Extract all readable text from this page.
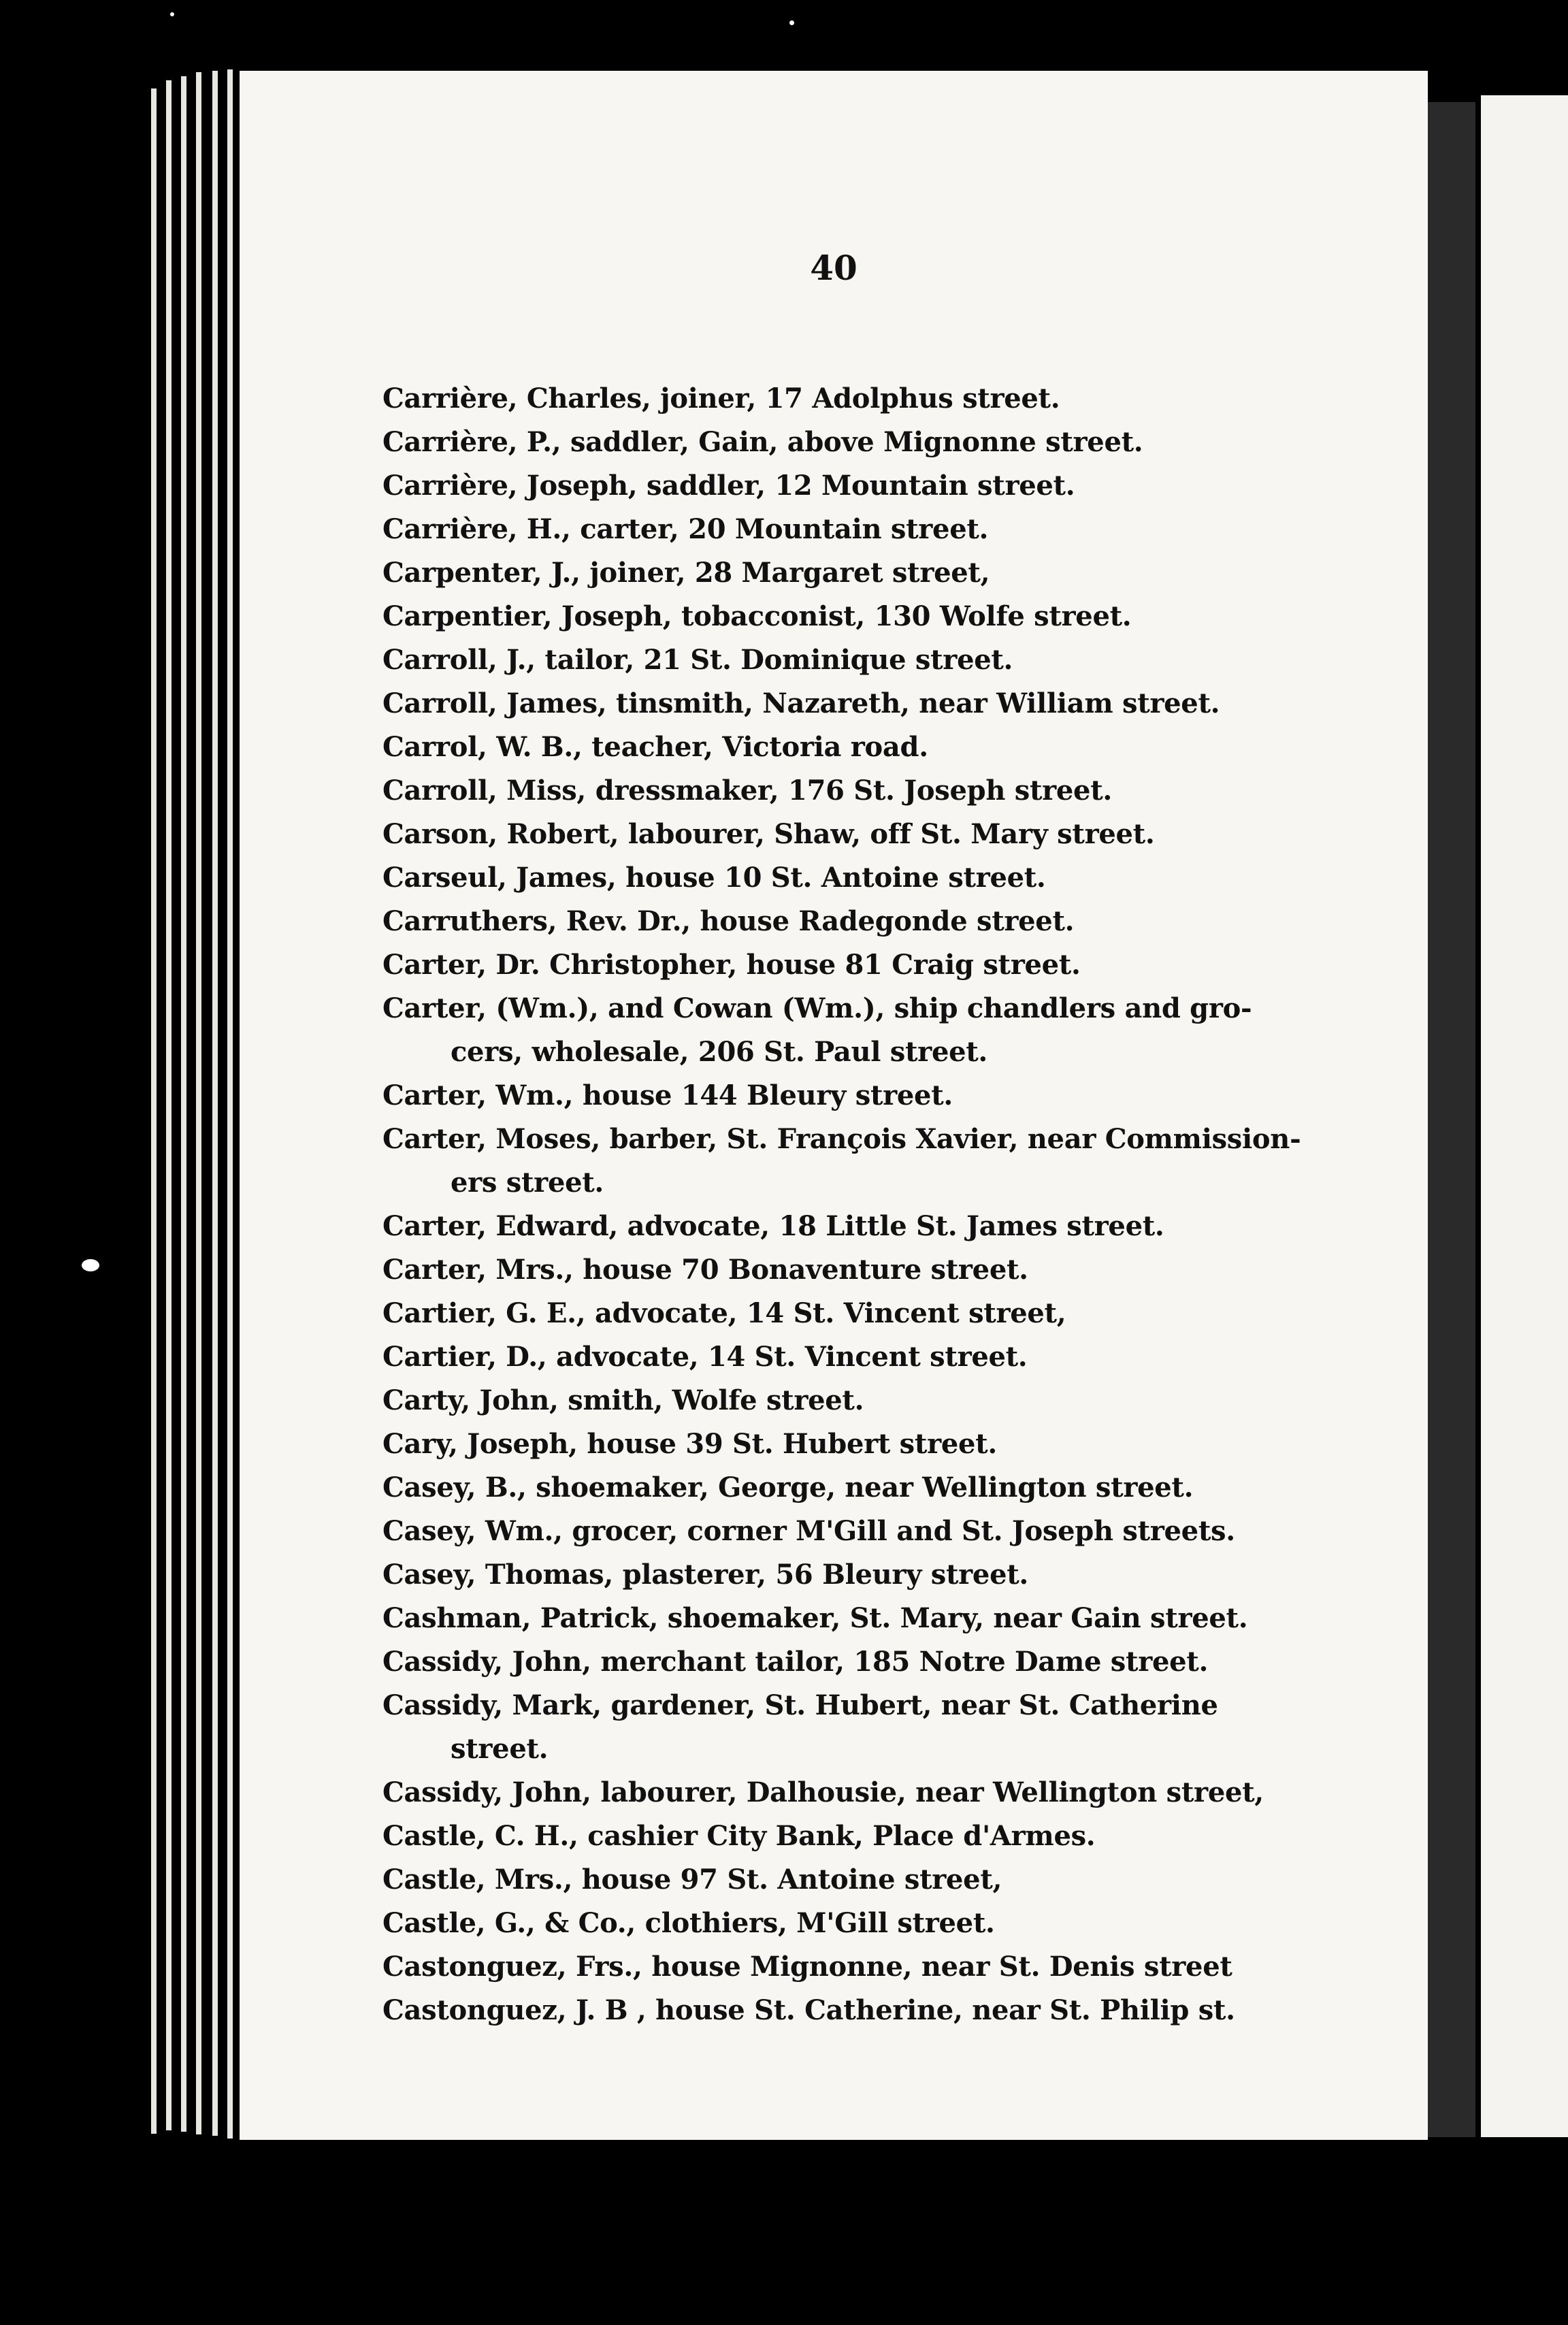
40
Carrière, Charles, joiner, 17 Adolphus street.
Carrière, P., saddler, Gain, above Mignonne street.
Carrière, Joseph, saddler, 12 Mountain street.
Carrière, H., carter, 20 Mountain street.
Carpenter, J., joiner, 28 Margaret street,
Carpentier, Joseph, tobacconist, 130 Wolfe street.
Carroll, J., tailor, 21 St. Dominique street.
Carroll, James, tinsmith, Nazareth, near William street.
Carrol, W. B., teacher, Victoria road.
Carroll, Miss, dressmaker, 176 St. Joseph street.
Carson, Robert, labourer, Shaw, off St. Mary street.
Carseul, James, house 10 St. Antoine street.
Carruthers, Rev. Dr., house Radegonde street.
Carter, Dr. Christopher, house 81 Craig street.
Carter, (Wm.), and Cowan (Wm.), ship chandlers and gro-
cers, wholesale, 206 St. Paul street.
Carter, Wm., house 144 Bleury street.
Carter, Moses, barber, St. François Xavier, near Commission-
ers street.
Carter, Edward, advocate, 18 Little St. James street.
Carter, Mrs., house 70 Bonaventure street.
Cartier, G. E., advocate, 14 St. Vincent street,
Cartier, D., advocate, 14 St. Vincent street.
Carty, John, smith, Wolfe street.
Cary, Joseph, house 39 St. Hubert street.
Casey, B., shoemaker, George, near Wellington street.
Casey, Wm., grocer, corner M'Gill and St. Joseph streets.
Casey, Thomas, plasterer, 56 Bleury street.
Cashman, Patrick, shoemaker, St. Mary, near Gain street.
Cassidy, John, merchant tailor, 185 Notre Dame street.
Cassidy, Mark, gardener, St. Hubert, near St. Catherine
street.
Cassidy, John, labourer, Dalhousie, near Wellington street,
Castle, C. H., cashier City Bank, Place d'Armes.
Castle, Mrs., house 97 St. Antoine street,
Castle, G., & Co., clothiers, M'Gill street.
Castonguez, Frs., house Mignonne, near St. Denis street
Castonguez, J. B , house St. Catherine, near St. Philip st.
